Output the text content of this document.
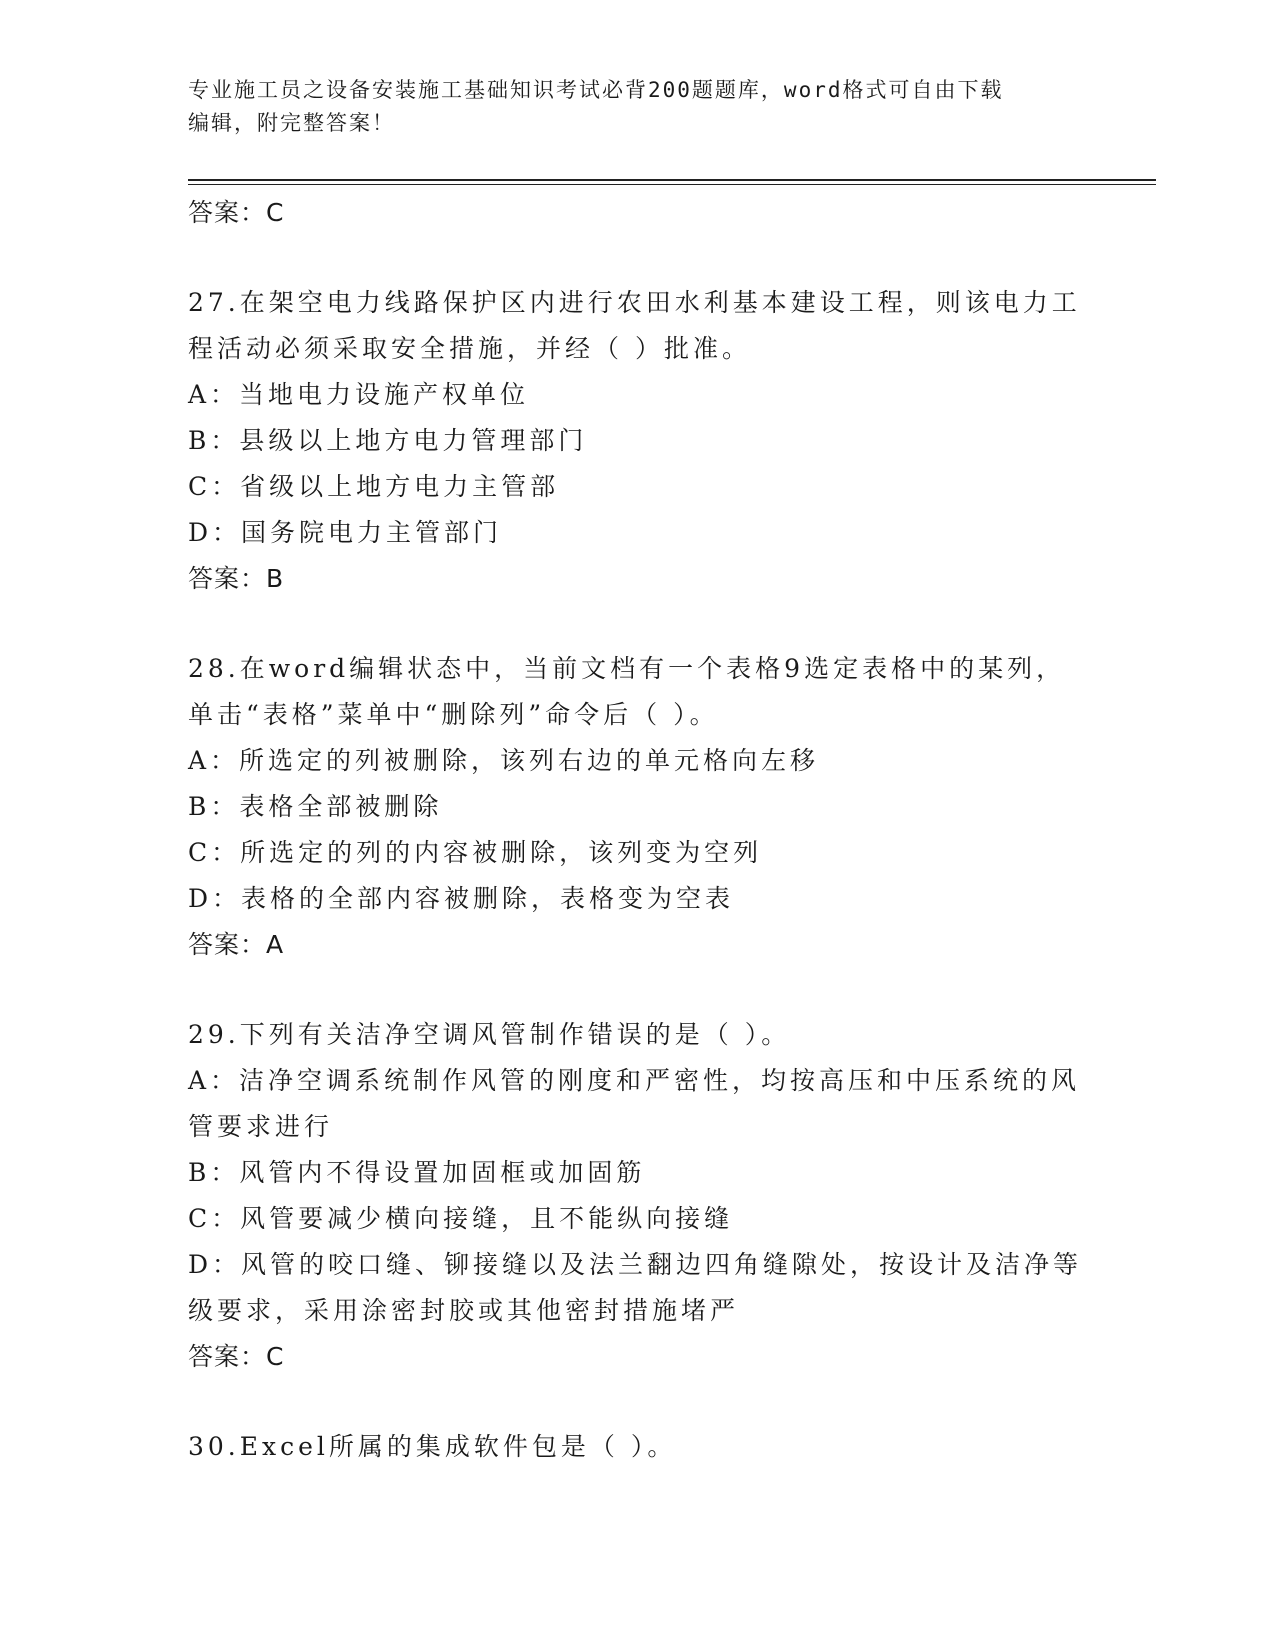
专业施工员之设备安装施工基础知识考试必背200题题库，word格式可自由下载
编辑，附完整答案！
答案：C
27.在架空电力线路保护区内进行农田水利基本建设工程，则该电力工
程活动必须采取安全措施，并经（ ）批准。
A：当地电力设施产权单位
B：县级以上地方电力管理部门
C：省级以上地方电力主管部
D：国务院电力主管部门
答案：B
28.在word编辑状态中，当前文档有一个表格9选定表格中的某列，
单击“表格”菜单中“删除列”命令后（ ）。
A：所选定的列被删除，该列右边的单元格向左移
B：表格全部被删除
C：所选定的列的内容被删除，该列变为空列
D：表格的全部内容被删除，表格变为空表
答案：A
29.下列有关洁净空调风管制作错误的是（ ）。
A：洁净空调系统制作风管的刚度和严密性，均按高压和中压系统的风
管要求进行
B：风管内不得设置加固框或加固筋
C：风管要减少横向接缝，且不能纵向接缝
D：风管的咬口缝、铆接缝以及法兰翻边四角缝隙处，按设计及洁净等
级要求，采用涂密封胶或其他密封措施堵严
答案：C
30.Excel所属的集成软件包是（ ）。
